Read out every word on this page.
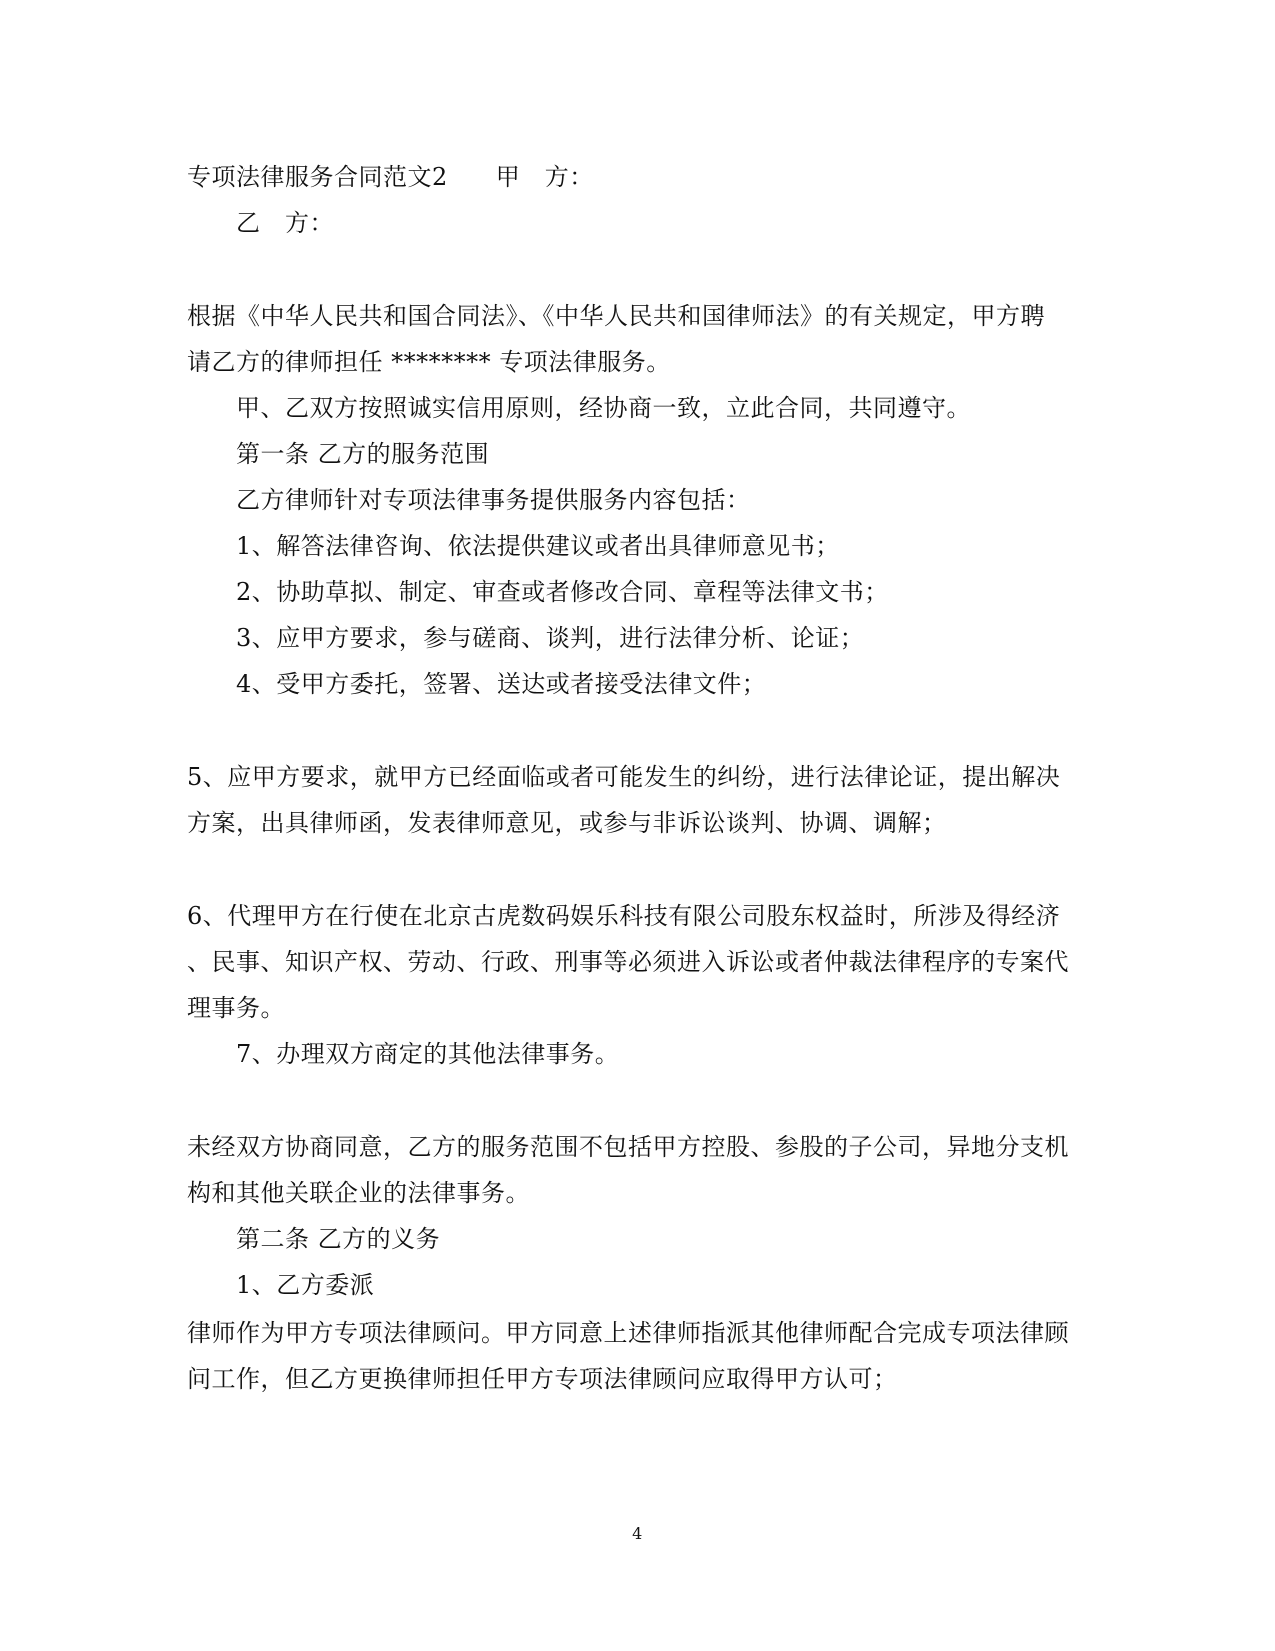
专项法律服务合同范文2 甲　方：
乙　方：
根据《中华人民共和国合同法》、《中华人民共和国律师法》的有关规定，甲方聘
请乙方的律师担任 ******** 专项法律服务。
甲、乙双方按照诚实信用原则，经协商一致，立此合同，共同遵守。
第一条 乙方的服务范围
乙方律师针对专项法律事务提供服务内容包括：
1、解答法律咨询、依法提供建议或者出具律师意见书；
2、协助草拟、制定、审查或者修改合同、章程等法律文书；
3、应甲方要求，参与磋商、谈判，进行法律分析、论证；
4、受甲方委托，签署、送达或者接受法律文件；
5、应甲方要求，就甲方已经面临或者可能发生的纠纷，进行法律论证，提出解决
方案，出具律师函，发表律师意见，或参与非诉讼谈判、协调、调解；
6、代理甲方在行使在北京古虎数码娱乐科技有限公司股东权益时，所涉及得经济
、民事、知识产权、劳动、行政、刑事等必须进入诉讼或者仲裁法律程序的专案代
理事务。
7、办理双方商定的其他法律事务。
未经双方协商同意，乙方的服务范围不包括甲方控股、参股的子公司，异地分支机
构和其他关联企业的法律事务。
第二条 乙方的义务
1、乙方委派
律师作为甲方专项法律顾问。甲方同意上述律师指派其他律师配合完成专项法律顾
问工作，但乙方更换律师担任甲方专项法律顾问应取得甲方认可；
4
